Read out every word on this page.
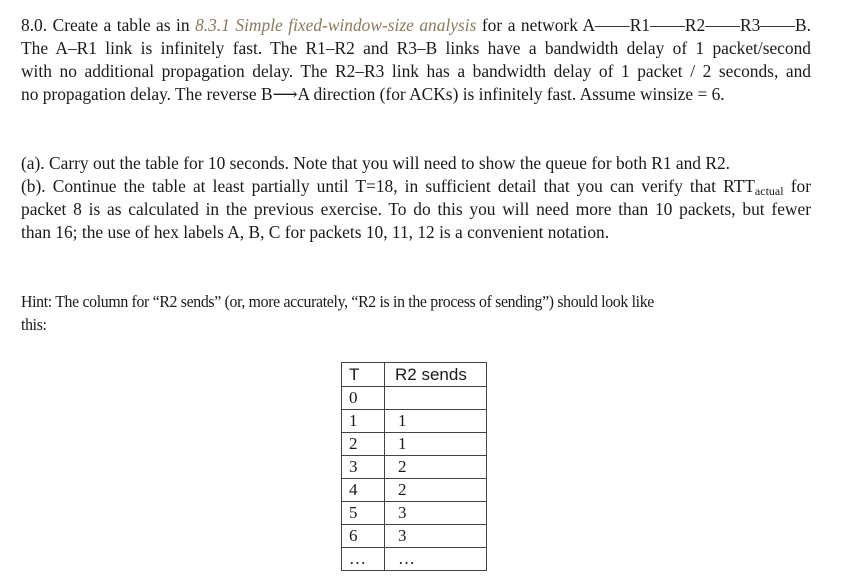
8.0. Create a table as in 8.3.1 Simple fixed-window-size analysis for a network A——R1——R2——R3——B.
The A–R1 link is infinitely fast. The R1–R2 and R3–B links have a bandwidth delay of 1 packet/second
with no additional propagation delay. The R2–R3 link has a bandwidth delay of 1 packet / 2 seconds, and
no propagation delay. The reverse B⟶A direction (for ACKs) is infinitely fast. Assume winsize = 6.
(a). Carry out the table for 10 seconds. Note that you will need to show the queue for both R1 and R2.
(b). Continue the table at least partially until T=18, in sufficient detail that you can verify that $RTT_{actual}$ for
packet 8 is as calculated in the previous exercise. To do this you will need more than 10 packets, but fewer
than 16; the use of hex labels A, B, C for packets 10, 11, 12 is a convenient notation.
Hint: The column for “R2 sends” (or, more accurately, “R2 is in the process of sending”) should look like
this:
T	R2 sends
0	
1	1
2	1
3	2
4	2
5	3
6	3
…	…
